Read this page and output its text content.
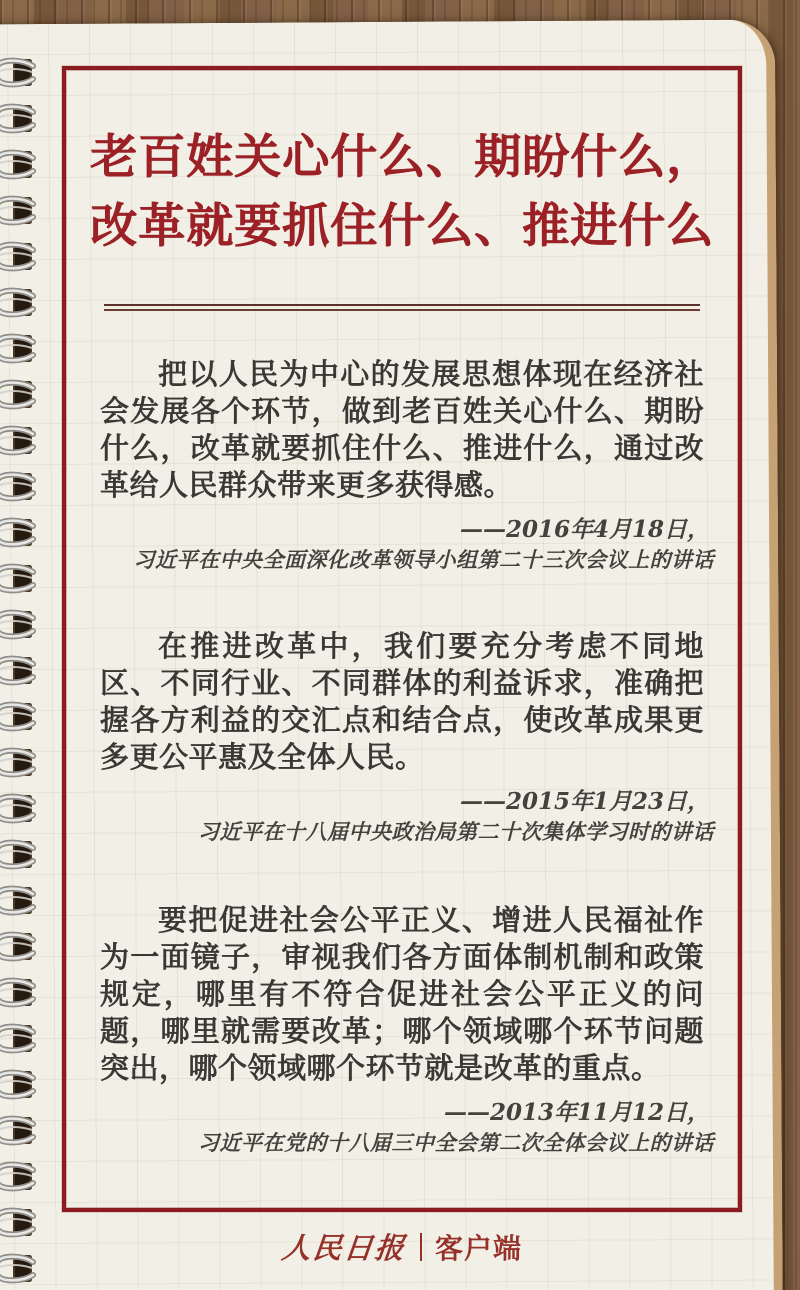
老百姓关心什么、期盼什么，
改革就要抓住什么、推进什么

把以人民为中心的发展思想体现在经济社会发展各个环节，做到老百姓关心什么、期盼什么，改革就要抓住什么、推进什么，通过改革给人民群众带来更多获得感。

——2016年4月18日，

习近平在中央全面深化改革领导小组第二十三次会议上的讲话

在推进改革中，我们要充分考虑不同地区、不同行业、不同群体的利益诉求，准确把握各方利益的交汇点和结合点，使改革成果更多更公平惠及全体人民。

——2015年1月23日，

习近平在十八届中央政治局第二十次集体学习时的讲话

要把促进社会公平正义、增进人民福祉作为一面镜子，审视我们各方面体制机制和政策规定，哪里有不符合促进社会公平正义的问题，哪里就需要改革；哪个领域哪个环节问题突出，哪个领域哪个环节就是改革的重点。

——2013年11月12日，

习近平在党的十八届三中全会第二次全体会议上的讲话

人民日报 客户端
